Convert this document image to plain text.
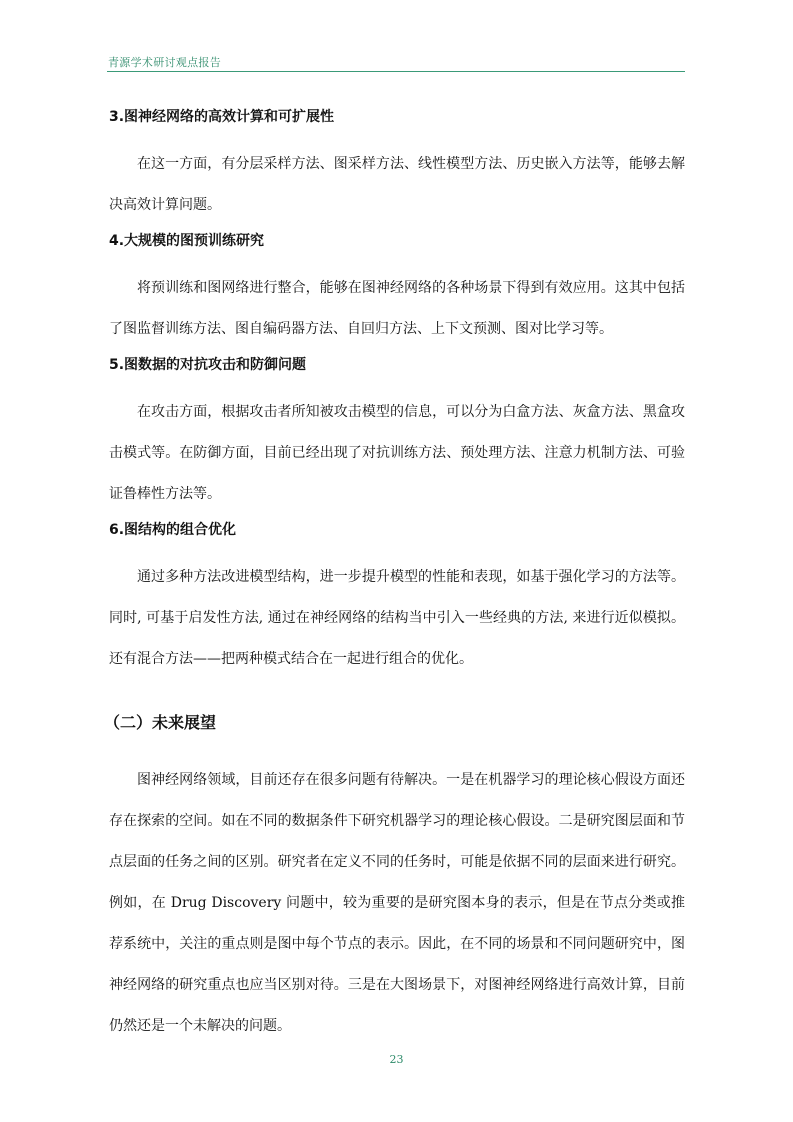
青源学术研讨观点报告
3.图神经网络的高效计算和可扩展性

在这一方面，有分层采样方法、图采样方法、线性模型方法、历史嵌入方法等，能够去解决高效计算问题。

4.大规模的图预训练研究

将预训练和图网络进行整合，能够在图神经网络的各种场景下得到有效应用。这其中包括了图监督训练方法、图自编码器方法、自回归方法、上下文预测、图对比学习等。

5.图数据的对抗攻击和防御问题

在攻击方面，根据攻击者所知被攻击模型的信息，可以分为白盒方法、灰盒方法、黑盒攻击模式等。在防御方面，目前已经出现了对抗训练方法、预处理方法、注意力机制方法、可验证鲁棒性方法等。

6.图结构的组合优化

通过多种方法改进模型结构，进一步提升模型的性能和表现，如基于强化学习的方法等。同时, 可基于启发性方法, 通过在神经网络的结构当中引入一些经典的方法, 来进行近似模拟。还有混合方法——把两种模式结合在一起进行组合的优化。

（二）未来展望

图神经网络领域，目前还存在很多问题有待解决。一是在机器学习的理论核心假设方面还存在探索的空间。如在不同的数据条件下研究机器学习的理论核心假设。二是研究图层面和节点层面的任务之间的区别。研究者在定义不同的任务时，可能是依据不同的层面来进行研究。例如，在 Drug Discovery 问题中，较为重要的是研究图本身的表示，但是在节点分类或推荐系统中，关注的重点则是图中每个节点的表示。因此，在不同的场景和不同问题研究中，图神经网络的研究重点也应当区别对待。三是在大图场景下，对图神经网络进行高效计算，目前仍然还是一个未解决的问题。

23
